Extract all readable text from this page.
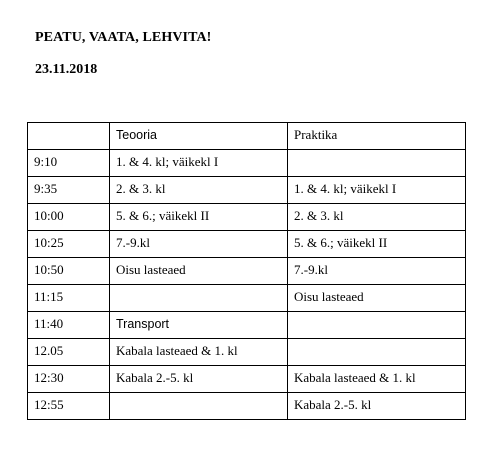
PEATU, VAATA, LEHVITA!
23.11.2018
	Teooria	Praktika
9:10	1. & 4. kl; väikekl I	
9:35	2. & 3. kl	1. & 4. kl; väikekl I
10:00	5. & 6.; väikekl II	2. & 3. kl
10:25	7.-9.kl	5. & 6.; väikekl II
10:50	Oisu lasteaed	7.-9.kl
11:15		Oisu lasteaed
11:40	Transport	
12.05	Kabala lasteaed & 1. kl	
12:30	Kabala 2.-5. kl	Kabala lasteaed & 1. kl
12:55		Kabala 2.-5. kl
